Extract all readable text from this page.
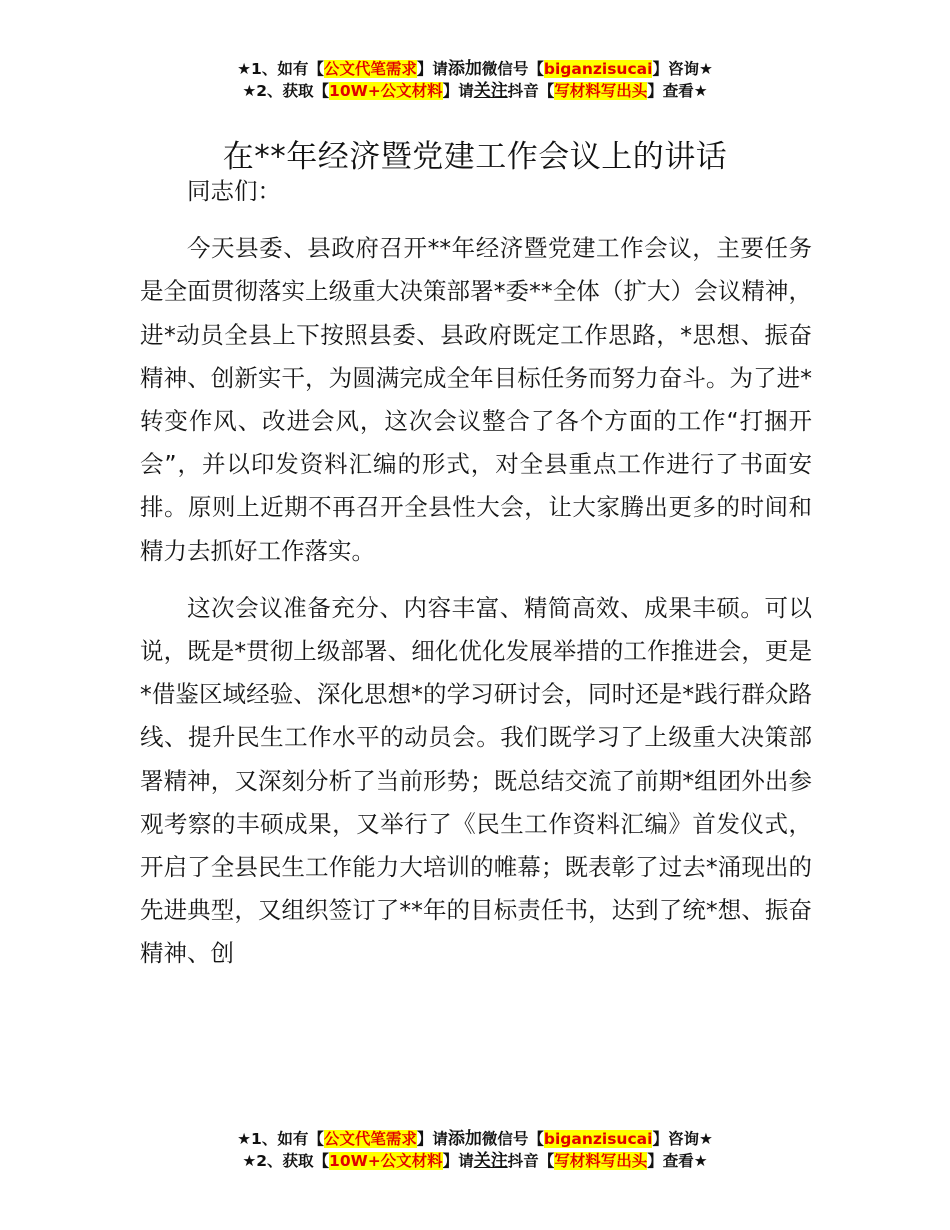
★1、如有【公文代笔需求】请添加微信号【biganzisucai】咨询★
★2、获取【10W+公文材料】请关注抖音【写材料写出头】查看★
在**年经济暨党建工作会议上的讲话

同志们：

今天县委、县政府召开**年经济暨党建工作会议，主要任务是全面贯彻落实上级重大决策部署*委**全体（扩大）会议精神，进*动员全县上下按照县委、县政府既定工作思路，*思想、振奋精神、创新实干，为圆满完成全年目标任务而努力奋斗。为了进*转变作风、改进会风，这次会议整合了各个方面的工作“打捆开会”，并以印发资料汇编的形式，对全县重点工作进行了书面安排。原则上近期不再召开全县性大会，让大家腾出更多的时间和精力去抓好工作落实。

这次会议准备充分、内容丰富、精简高效、成果丰硕。可以说，既是*贯彻上级部署、细化优化发展举措的工作推进会，更是*借鉴区域经验、深化思想*的学习研讨会，同时还是*践行群众路线、提升民生工作水平的动员会。我们既学习了上级重大决策部署精神，又深刻分析了当前形势；既总结交流了前期*组团外出参观考察的丰硕成果，又举行了《民生工作资料汇编》首发仪式，开启了全县民生工作能力大培训的帷幕；既表彰了过去*涌现出的先进典型，又组织签订了**年的目标责任书，达到了统*想、振奋精神、创

★1、如有【公文代笔需求】请添加微信号【biganzisucai】咨询★
★2、获取【10W+公文材料】请关注抖音【写材料写出头】查看★
